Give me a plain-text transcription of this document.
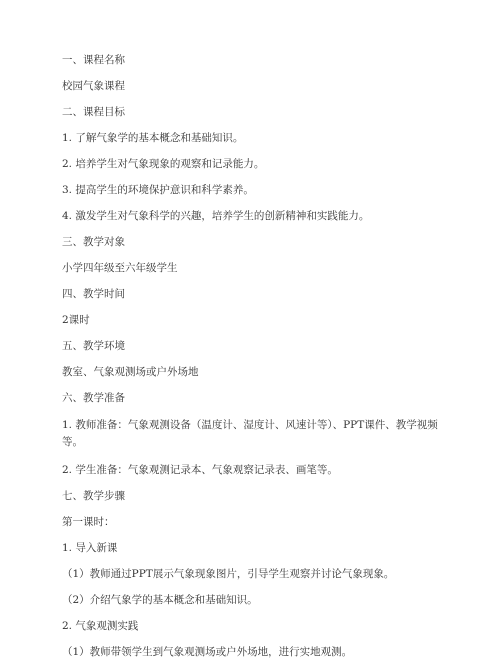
一、课程名称

校园气象课程

二、课程目标

1. 了解气象学的基本概念和基础知识。

2. 培养学生对气象现象的观察和记录能力。

3. 提高学生的环境保护意识和科学素养。

4. 激发学生对气象科学的兴趣，培养学生的创新精神和实践能力。

三、教学对象

小学四年级至六年级学生

四、教学时间

2课时

五、教学环境

教室、气象观测场或户外场地

六、教学准备

1. 教师准备：气象观测设备（温度计、湿度计、风速计等）、PPT课件、教学视频等。

2. 学生准备：气象观测记录本、气象观察记录表、画笔等。

七、教学步骤

第一课时：

1. 导入新课

（1）教师通过PPT展示气象现象图片，引导学生观察并讨论气象现象。

（2）介绍气象学的基本概念和基础知识。

2. 气象观测实践

（1）教师带领学生到气象观测场或户外场地，进行实地观测。
